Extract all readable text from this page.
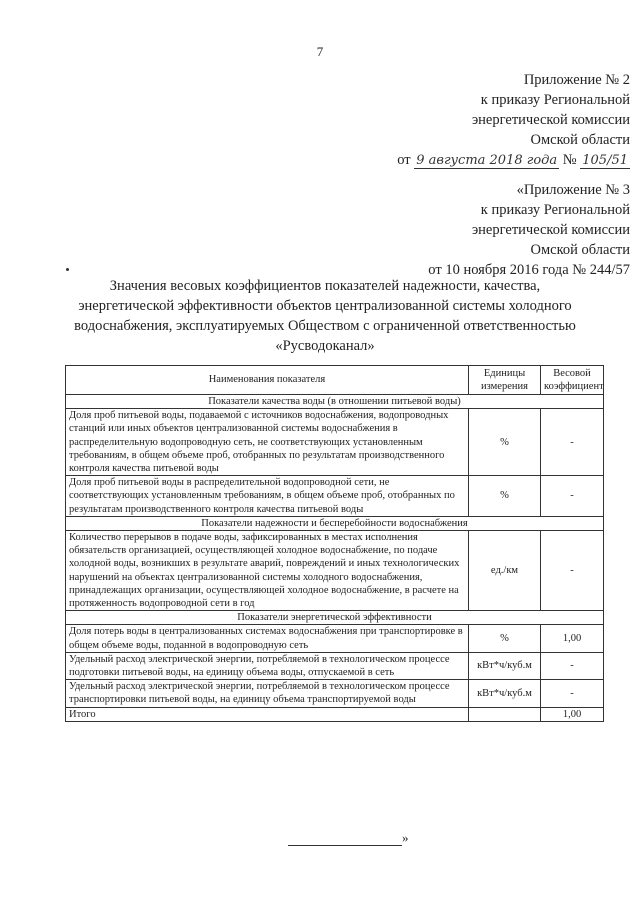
7
Приложение № 2
к приказу Региональной
энергетической комиссии
Омской области
от 9 августа 2018 года № 105/51
«Приложение № 3
к приказу Региональной
энергетической комиссии
Омской области
от 10 ноября 2016 года № 244/57
Значения весовых коэффициентов показателей надежности, качества, энергетической эффективности объектов централизованной системы холодного водоснабжения, эксплуатируемых Обществом с ограниченной ответственностью «Русводоканал»
Наименования показателя	Единицы измерения	Весовой коэффициент
Показатели качества воды (в отношении питьевой воды)		
Доля проб питьевой воды, подаваемой с источников водоснабжения, водопроводных станций или иных объектов централизованной системы водоснабжения в распределительную водопроводную сеть, не соответствующих установленным требованиям, в общем объеме проб, отобранных по результатам производственного контроля качества питьевой воды	%	-
Доля проб питьевой воды в распределительной водопроводной сети, не соответствующих установленным требованиям, в общем объеме проб, отобранных по результатам производственного контроля качества питьевой воды	%	-
Показатели надежности и бесперебойности водоснабжения		
Количество перерывов в подаче воды, зафиксированных в местах исполнения обязательств организацией, осуществляющей холодное водоснабжение, по подаче холодной воды, возникших в результате аварий, повреждений и иных технологических нарушений на объектах централизованной системы холодного водоснабжения, принадлежащих организации, осуществляющей холодное водоснабжение, в расчете на протяженность водопроводной сети в год	ед./км	-
Показатели энергетической эффективности		
Доля потерь воды в централизованных системах водоснабжения при транспортировке в общем объеме воды, поданной в водопроводную сеть	%	1,00
Удельный расход электрической энергии, потребляемой в технологическом процессе подготовки питьевой воды, на единицу объема воды, отпускаемой в сеть	кВт*ч/куб.м	-
Удельный расход электрической энергии, потребляемой в технологическом процессе транспортировки питьевой воды, на единицу объема транспортируемой воды	кВт*ч/куб.м	-
Итого		1,00
»
